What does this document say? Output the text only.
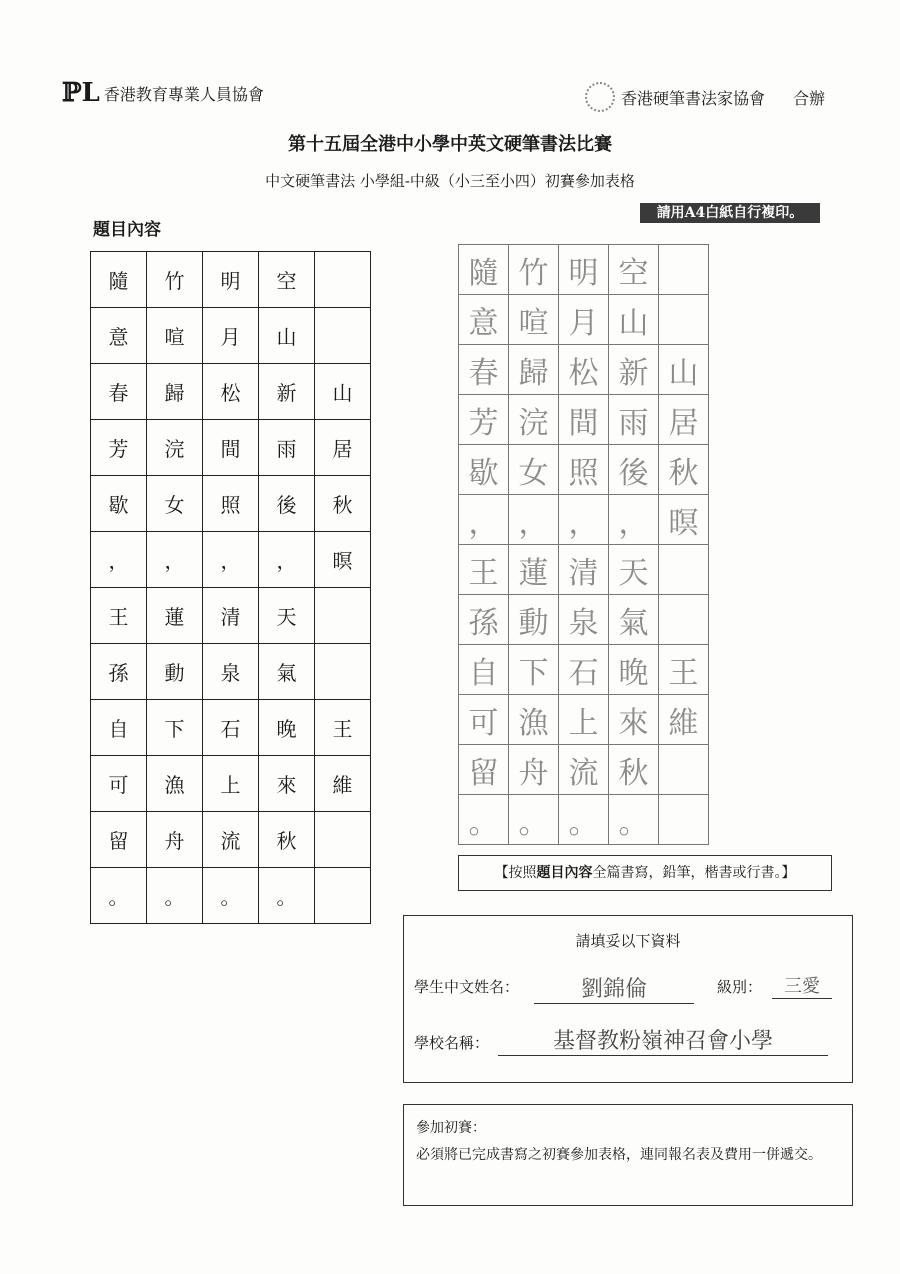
ℙL 香港教育專業人員協會	香港硬筆書法家協會 合辦
第十五屆全港中小學中英文硬筆書法比賽
中文硬筆書法 小學組-中級（小三至小四）初賽參加表格
請用A4白紙自行複印。
題目內容
隨	竹	明	空	
意	喧	月	山	
春	歸	松	新	山
芳	浣	間	雨	居
歇	女	照	後	秋
，	，	，	，	暝
王	蓮	清	天	
孫	動	泉	氣	
自	下	石	晚	王
可	漁	上	來	維
留	舟	流	秋	
。	。	。	。	
隨	竹	明	空	
意	喧	月	山	
春	歸	松	新	山
芳	浣	間	雨	居
歇	女	照	後	秋
，	，	，	，	暝
王	蓮	清	天	
孫	動	泉	氣	
自	下	石	晚	王
可	漁	上	來	維
留	舟	流	秋	
。	。	。	。	
【按照題目內容全篇書寫，鉛筆，楷書或行書。】
請填妥以下資料
學生中文姓名：	劉錦倫	級別：	三愛
學校名稱：	基督教粉嶺神召會小學
參加初賽：
必須將已完成書寫之初賽參加表格，連同報名表及費用一併遞交。
